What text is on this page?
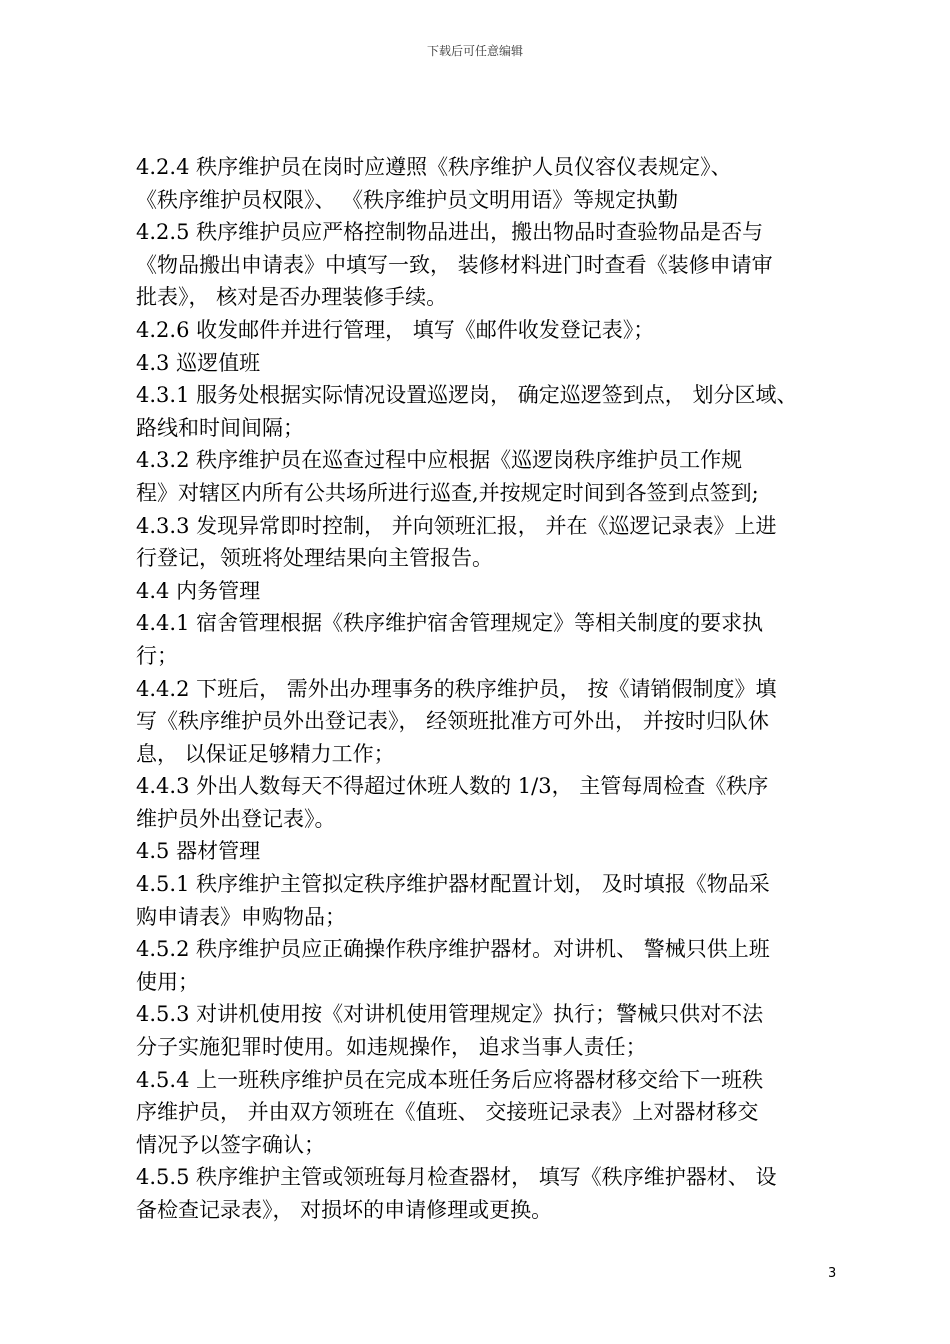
下载后可任意编辑
4.2.4 秩序维护员在岗时应遵照《秩序维护人员仪容仪表规定》、
《秩序维护员权限》、 《秩序维护员文明用语》等规定执勤
4.2.5 秩序维护员应严格控制物品进出，搬出物品时查验物品是否与
《物品搬出申请表》中填写一致， 装修材料进门时查看《装修申请审
批表》， 核对是否办理装修手续。
4.2.6 收发邮件并进行管理， 填写《邮件收发登记表》；
4.3 巡逻值班
4.3.1 服务处根据实际情况设置巡逻岗， 确定巡逻签到点， 划分区域、
路线和时间间隔；
4.3.2 秩序维护员在巡查过程中应根据《巡逻岗秩序维护员工作规
程》对辖区内所有公共场所进行巡查,并按规定时间到各签到点签到;
4.3.3 发现异常即时控制， 并向领班汇报， 并在《巡逻记录表》上进
行登记，领班将处理结果向主管报告。
4.4 内务管理
4.4.1 宿舍管理根据《秩序维护宿舍管理规定》等相关制度的要求执
行；
4.4.2 下班后， 需外出办理事务的秩序维护员， 按《请销假制度》填
写《秩序维护员外出登记表》， 经领班批准方可外出， 并按时归队休
息， 以保证足够精力工作；
4.4.3 外出人数每天不得超过休班人数的 1/3， 主管每周检查《秩序
维护员外出登记表》。
4.5 器材管理
4.5.1 秩序维护主管拟定秩序维护器材配置计划， 及时填报《物品采
购申请表》申购物品；
4.5.2 秩序维护员应正确操作秩序维护器材。对讲机、 警械只供上班
使用；
4.5.3 对讲机使用按《对讲机使用管理规定》执行；警械只供对不法
分子实施犯罪时使用。如违规操作， 追求当事人责任；
4.5.4 上一班秩序维护员在完成本班任务后应将器材移交给下一班秩
序维护员， 并由双方领班在《值班、 交接班记录表》上对器材移交
情况予以签字确认；
4.5.5 秩序维护主管或领班每月检查器材， 填写《秩序维护器材、 设
备检查记录表》， 对损坏的申请修理或更换。
3
